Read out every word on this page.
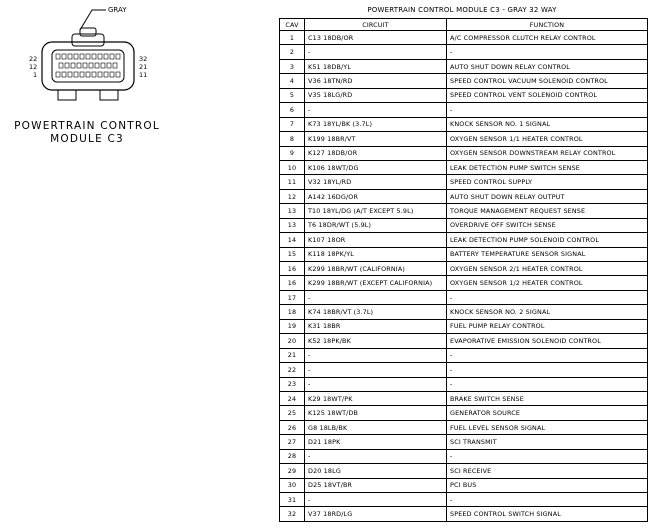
GRAY
22
12
1
32
21
11
POWERTRAIN CONTROL
MODULE C3
POWERTRAIN CONTROL MODULE C3 - GRAY 32 WAY
CAV	CIRCUIT	FUNCTION
1	C13 18DB/OR	A/C COMPRESSOR CLUTCH RELAY CONTROL
2	-	-
3	K51 18DB/YL	AUTO SHUT DOWN RELAY CONTROL
4	V36 18TN/RD	SPEED CONTROL VACUUM SOLENOID CONTROL
5	V35 18LG/RD	SPEED CONTROL VENT SOLENOID CONTROL
6	-	-
7	K73 18YL/BK (3.7L)	KNOCK SENSOR NO. 1 SIGNAL
8	K199 18BR/VT	OXYGEN SENSOR 1/1 HEATER CONTROL
9	K127 18DB/OR	OXYGEN SENSOR DOWNSTREAM RELAY CONTROL
10	K106 18WT/DG	LEAK DETECTION PUMP SWITCH SENSE
11	V32 18YL/RD	SPEED CONTROL SUPPLY
12	A142 16DG/OR	AUTO SHUT DOWN RELAY OUTPUT
13	T10 18YL/DG (A/T EXCEPT 5.9L)	TORQUE MANAGEMENT REQUEST SENSE
13	T6 18DR/WT (5.9L)	OVERDRIVE OFF SWITCH SENSE
14	K107 18OR	LEAK DETECTION PUMP SOLENOID CONTROL
15	K118 18PK/YL	BATTERY TEMPERATURE SENSOR SIGNAL
16	K299 18BR/WT (CALIFORNIA)	OXYGEN SENSOR 2/1 HEATER CONTROL
16	K299 18BR/WT (EXCEPT CALIFORNIA)	OXYGEN SENSOR 1/2 HEATER CONTROL
17	-	-
18	K74 18BR/VT (3.7L)	KNOCK SENSOR NO. 2 SIGNAL
19	K31 18BR	FUEL PUMP RELAY CONTROL
20	K52 18PK/BK	EVAPORATIVE EMISSION SOLENOID CONTROL
21	-	-
22	-	-
23	-	-
24	K29 18WT/PK	BRAKE SWITCH SENSE
25	K125 18WT/DB	GENERATOR SOURCE
26	G8 18LB/BK	FUEL LEVEL SENSOR SIGNAL
27	D21 18PK	SCI TRANSMIT
28	-	-
29	D20 18LG	SCI RECEIVE
30	D25 18VT/BR	PCI BUS
31	-	-
32	V37 18RD/LG	SPEED CONTROL SWITCH SIGNAL
